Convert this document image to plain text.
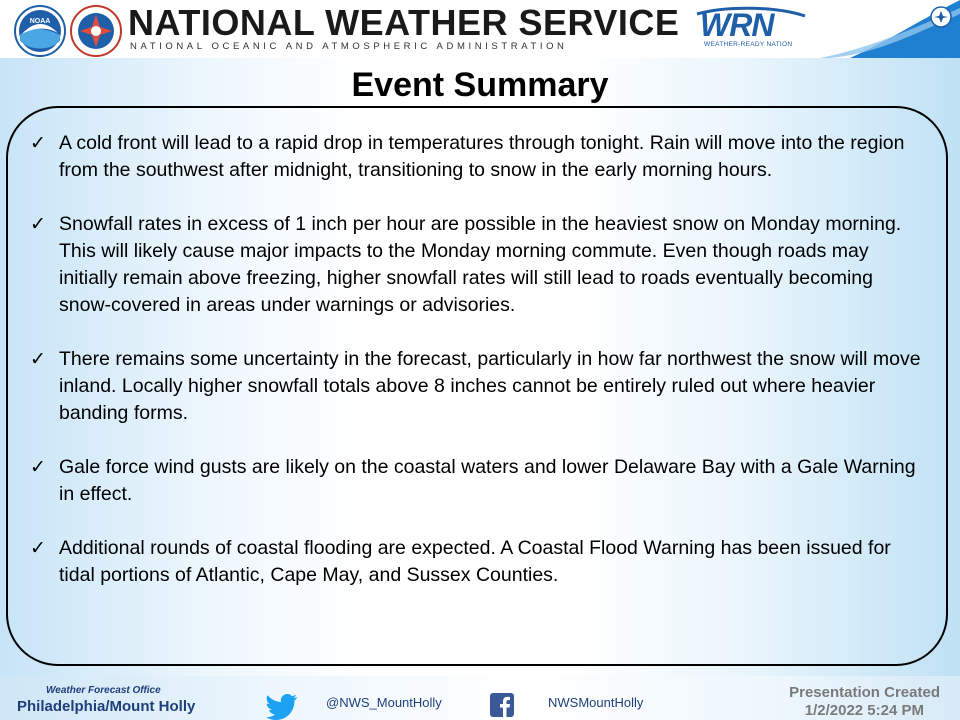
NOAA NATIONAL WEATHER SERVICE
NATIONAL OCEANIC AND ATMOSPHERIC ADMINISTRATION
WRN
WEATHER-READY NATION
Event Summary
✓ A cold front will lead to a rapid drop in temperatures through tonight. Rain will move into the region from the southwest after midnight, transitioning to snow in the early morning hours.
✓ Snowfall rates in excess of 1 inch per hour are possible in the heaviest snow on Monday morning. This will likely cause major impacts to the Monday morning commute. Even though roads may initially remain above freezing, higher snowfall rates will still lead to roads eventually becoming snow-covered in areas under warnings or advisories.
✓ There remains some uncertainty in the forecast, particularly in how far northwest the snow will move inland. Locally higher snowfall totals above 8 inches cannot be entirely ruled out where heavier banding forms.
✓ Gale force wind gusts are likely on the coastal waters and lower Delaware Bay with a Gale Warning in effect.
✓ Additional rounds of coastal flooding are expected. A Coastal Flood Warning has been issued for tidal portions of Atlantic, Cape May, and Sussex Counties.
Weather Forecast Office
Philadelphia/Mount Holly	@NWS_MountHolly	NWSMountHolly
Presentation Created
1/2/2022 5:24 PM
